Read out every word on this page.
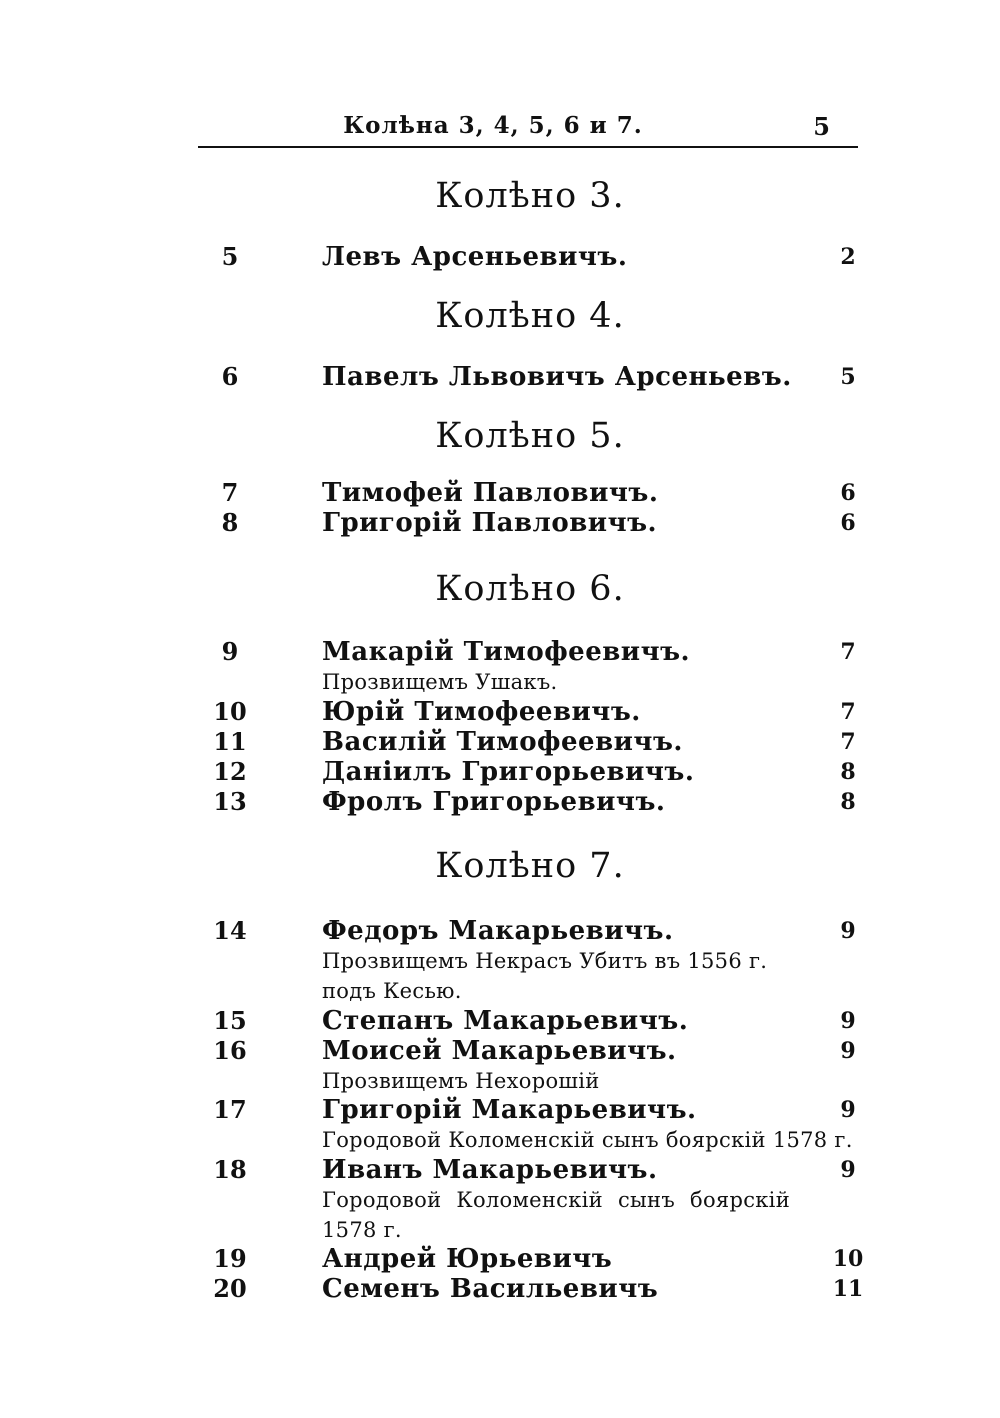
Колѣна 3, 4, 5, 6 и 7.	5
Колѣно 3.
5	Левъ Арсеньевичъ.	2
Колѣно 4.
6	Павелъ Львовичъ Арсеньевъ.	5
Колѣно 5.
7	Тимофей Павловичъ.	6
8	Григорій Павловичъ.	6
Колѣно 6.
9	Макарій Тимофеевичъ.	7
Прозвищемъ Ушакъ.
10	Юрій Тимофеевичъ.	7
11	Василій Тимофеевичъ.	7
12	Даніилъ Григорьевичъ.	8
13	Фролъ Григорьевичъ.	8
Колѣно 7.
14	Федоръ Макарьевичъ.	9
Прозвищемъ Некрасъ Убитъ въ 1556 г.
подъ Кесью.
15	Степанъ Макарьевичъ.	9
16	Моисей Макарьевичъ.	9
Прозвищемъ Нехорошій
17	Григорій Макарьевичъ.	9
Городовой Коломенскій сынъ боярскій 1578 г.
18	Иванъ Макарьевичъ.	9
Городовой Коломенскій сынъ боярскій
1578 г.
19	Андрей Юрьевичъ	10
20	Семенъ Васильевичъ	11
